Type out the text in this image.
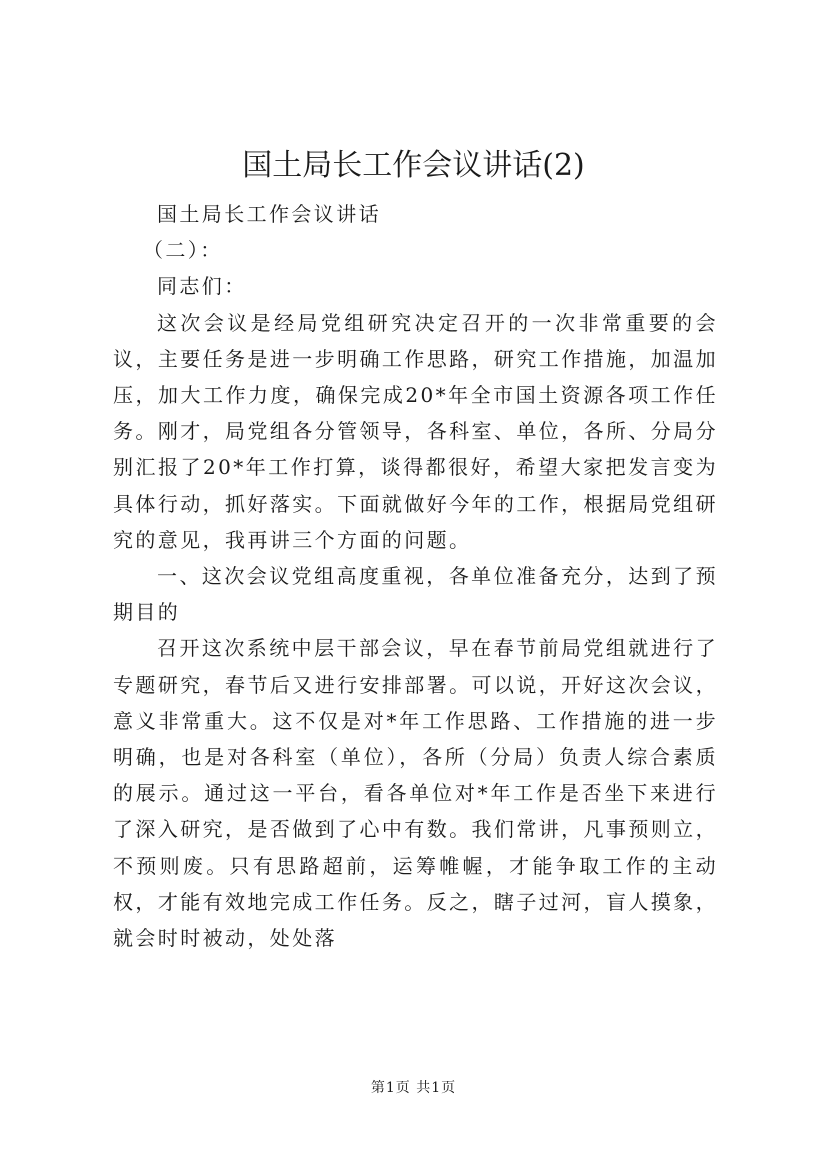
国土局长工作会议讲话(2)

国土局长工作会议讲话

（二）：

同志们：

这次会议是经局党组研究决定召开的一次非常重要的会议，主要任务是进一步明确工作思路，研究工作措施，加温加压，加大工作力度，确保完成20*年全市国土资源各项工作任务。刚才，局党组各分管领导，各科室、单位，各所、分局分别汇报了20*年工作打算，谈得都很好，希望大家把发言变为具体行动，抓好落实。下面就做好今年的工作，根据局党组研究的意见，我再讲三个方面的问题。

一、这次会议党组高度重视，各单位准备充分，达到了预期目的

召开这次系统中层干部会议，早在春节前局党组就进行了专题研究，春节后又进行安排部署。可以说，开好这次会议，意义非常重大。这不仅是对*年工作思路、工作措施的进一步明确，也是对各科室（单位），各所（分局）负责人综合素质的展示。通过这一平台，看各单位对*年工作是否坐下来进行了深入研究，是否做到了心中有数。我们常讲，凡事预则立，不预则废。只有思路超前，运筹帷幄，才能争取工作的主动权，才能有效地完成工作任务。反之，瞎子过河，盲人摸象，就会时时被动，处处落

第1页 共1页
